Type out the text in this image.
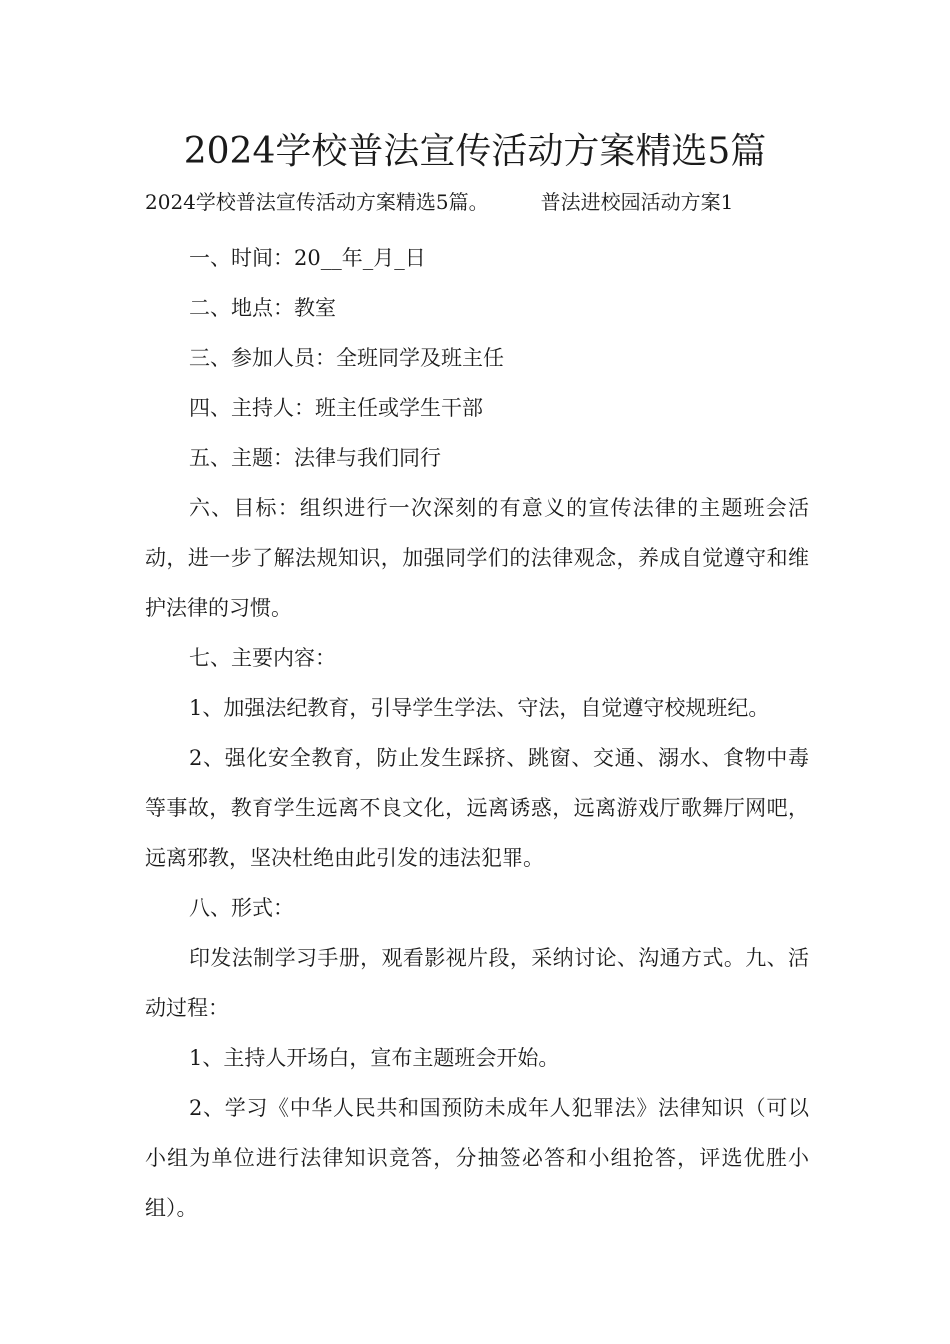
2024学校普法宣传活动方案精选5篇
2024学校普法宣传活动方案精选5篇。	普法进校园活动方案1

一、时间：20__年_月_日

二、地点：教室

三、参加人员：全班同学及班主任

四、主持人：班主任或学生干部

五、主题：法律与我们同行

六、目标：组织进行一次深刻的有意义的宣传法律的主题班会活动，进一步了解法规知识，加强同学们的法律观念，养成自觉遵守和维护法律的习惯。

七、主要内容：

1、加强法纪教育，引导学生学法、守法，自觉遵守校规班纪。

2、强化安全教育，防止发生踩挤、跳窗、交通、溺水、食物中毒等事故，教育学生远离不良文化，远离诱惑，远离游戏厅歌舞厅网吧，远离邪教，坚决杜绝由此引发的违法犯罪。

八、形式：

印发法制学习手册，观看影视片段，采纳讨论、沟通方式。九、活动过程：

1、主持人开场白，宣布主题班会开始。

2、学习《中华人民共和国预防未成年人犯罪法》法律知识（可以小组为单位进行法律知识竞答，分抽签必答和小组抢答，评选优胜小组）。
